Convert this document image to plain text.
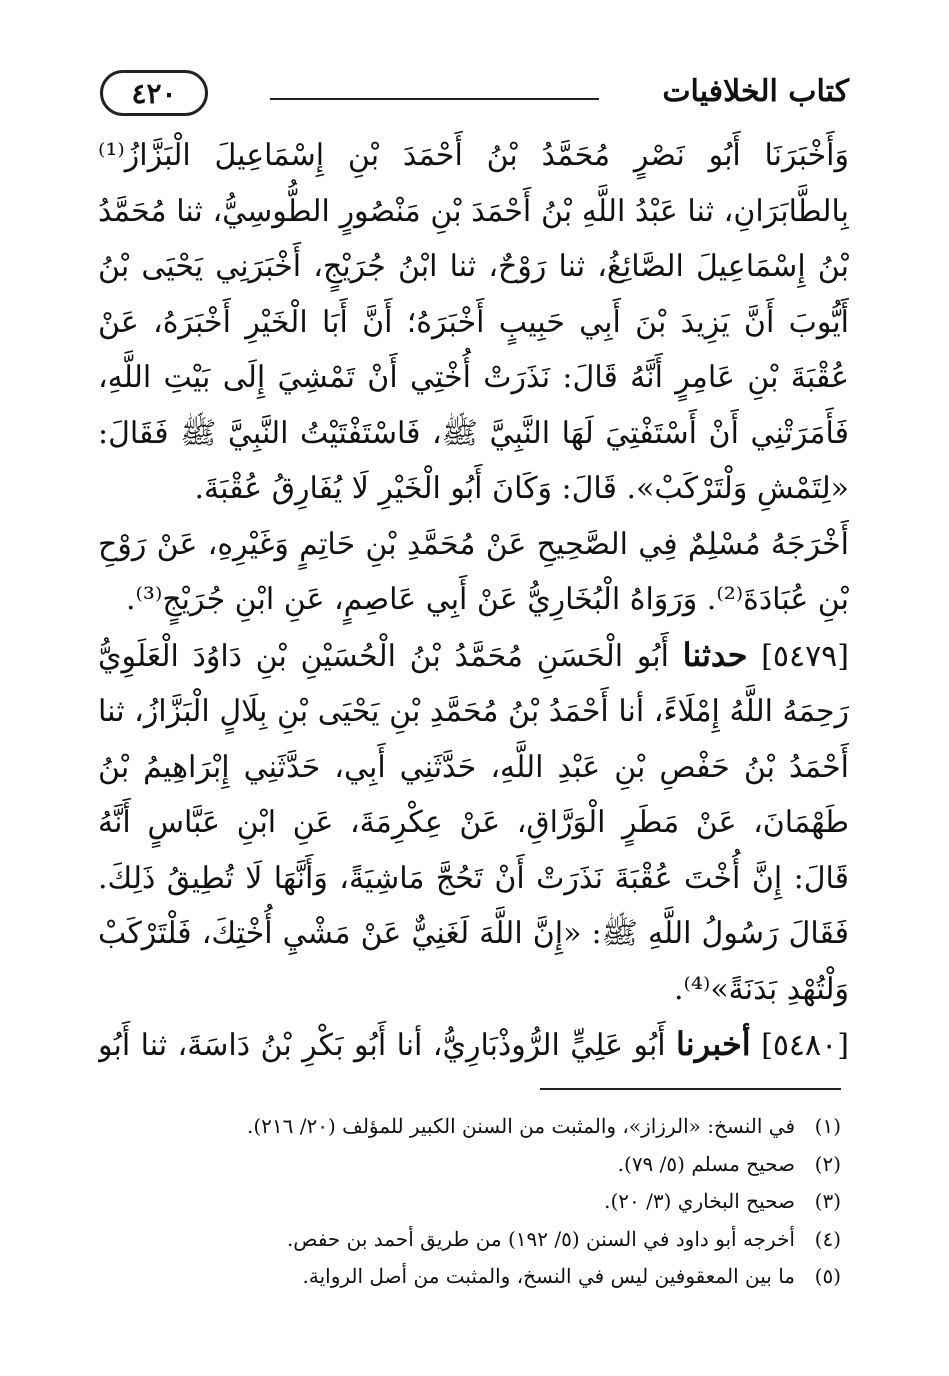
كتاب الخلافيات
٤٢٠

وَأَخْبَرَنَا أَبُو نَصْرٍ مُحَمَّدُ بْنُ أَحْمَدَ بْنِ إِسْمَاعِيلَ الْبَزَّازُ⁽¹⁾ بِالطَّابَرَانِ، ثنا عَبْدُ اللَّهِ بْنُ أَحْمَدَ بْنِ مَنْصُورٍ الطُّوسِيُّ، ثنا مُحَمَّدُ بْنُ إِسْمَاعِيلَ الصَّائِغُ، ثنا رَوْحٌ، ثنا ابْنُ جُرَيْجٍ، أَخْبَرَنِي يَحْيَى بْنُ أَيُّوبَ أَنَّ يَزِيدَ بْنَ أَبِي حَبِيبٍ أَخْبَرَهُ؛ أَنَّ أَبَا الْخَيْرِ أَخْبَرَهُ، عَنْ عُقْبَةَ بْنِ عَامِرٍ أَنَّهُ قَالَ: نَذَرَتْ أُخْتِي أَنْ تَمْشِيَ إِلَى بَيْتِ اللَّهِ، فَأَمَرَتْنِي أَنْ أَسْتَفْتِيَ لَهَا النَّبِيَّ ﷺ، فَاسْتَفْتَيْتُ النَّبِيَّ ﷺ فَقَالَ: «لِتَمْشِ وَلْتَرْكَبْ». قَالَ: وَكَانَ أَبُو الْخَيْرِ لَا يُفَارِقُ عُقْبَةَ.

أَخْرَجَهُ مُسْلِمٌ فِي الصَّحِيحِ عَنْ مُحَمَّدِ بْنِ حَاتِمٍ وَغَيْرِهِ، عَنْ رَوْحِ بْنِ عُبَادَةَ⁽²⁾. وَرَوَاهُ الْبُخَارِيُّ عَنْ أَبِي عَاصِمٍ، عَنِ ابْنِ جُرَيْجٍ⁽³⁾.

[٥٤٧٩] حدثنا أَبُو الْحَسَنِ مُحَمَّدُ بْنُ الْحُسَيْنِ بْنِ دَاوُدَ الْعَلَوِيُّ رَحِمَهُ اللَّهُ إِمْلَاءً، أنا أَحْمَدُ بْنُ مُحَمَّدِ بْنِ يَحْيَى بْنِ بِلَالٍ الْبَزَّازُ، ثنا أَحْمَدُ بْنُ حَفْصِ بْنِ عَبْدِ اللَّهِ، حَدَّثَنِي أَبِي، حَدَّثَنِي إِبْرَاهِيمُ بْنُ طَهْمَانَ، عَنْ مَطَرٍ الْوَرَّاقِ، عَنْ عِكْرِمَةَ، عَنِ ابْنِ عَبَّاسٍ أَنَّهُ قَالَ: إِنَّ أُخْتَ عُقْبَةَ نَذَرَتْ أَنْ تَحُجَّ مَاشِيَةً، وَأَنَّهَا لَا تُطِيقُ ذَلِكَ. فَقَالَ رَسُولُ اللَّهِ ﷺ: «إِنَّ اللَّهَ لَغَنِيٌّ عَنْ مَشْيِ أُخْتِكَ، فَلْتَرْكَبْ وَلْتُهْدِ بَدَنَةً»⁽⁴⁾.

[٥٤٨٠] أخبرنا أَبُو عَلِيٍّ الرُّوذْبَارِيُّ، أنا أَبُو بَكْرِ بْنُ دَاسَةَ، ثنا أَبُو

(١)
في النسخ: «الرزاز»، والمثبت من السنن الكبير للمؤلف (٢٠/ ٢١٦).
(٢)
صحيح مسلم (٥/ ٧٩).
(٣)
صحيح البخاري (٣/ ٢٠).
(٤)
أخرجه أبو داود في السنن (٥/ ١٩٢) من طريق أحمد بن حفص.
(٥)
ما بين المعقوفين ليس في النسخ، والمثبت من أصل الرواية.
